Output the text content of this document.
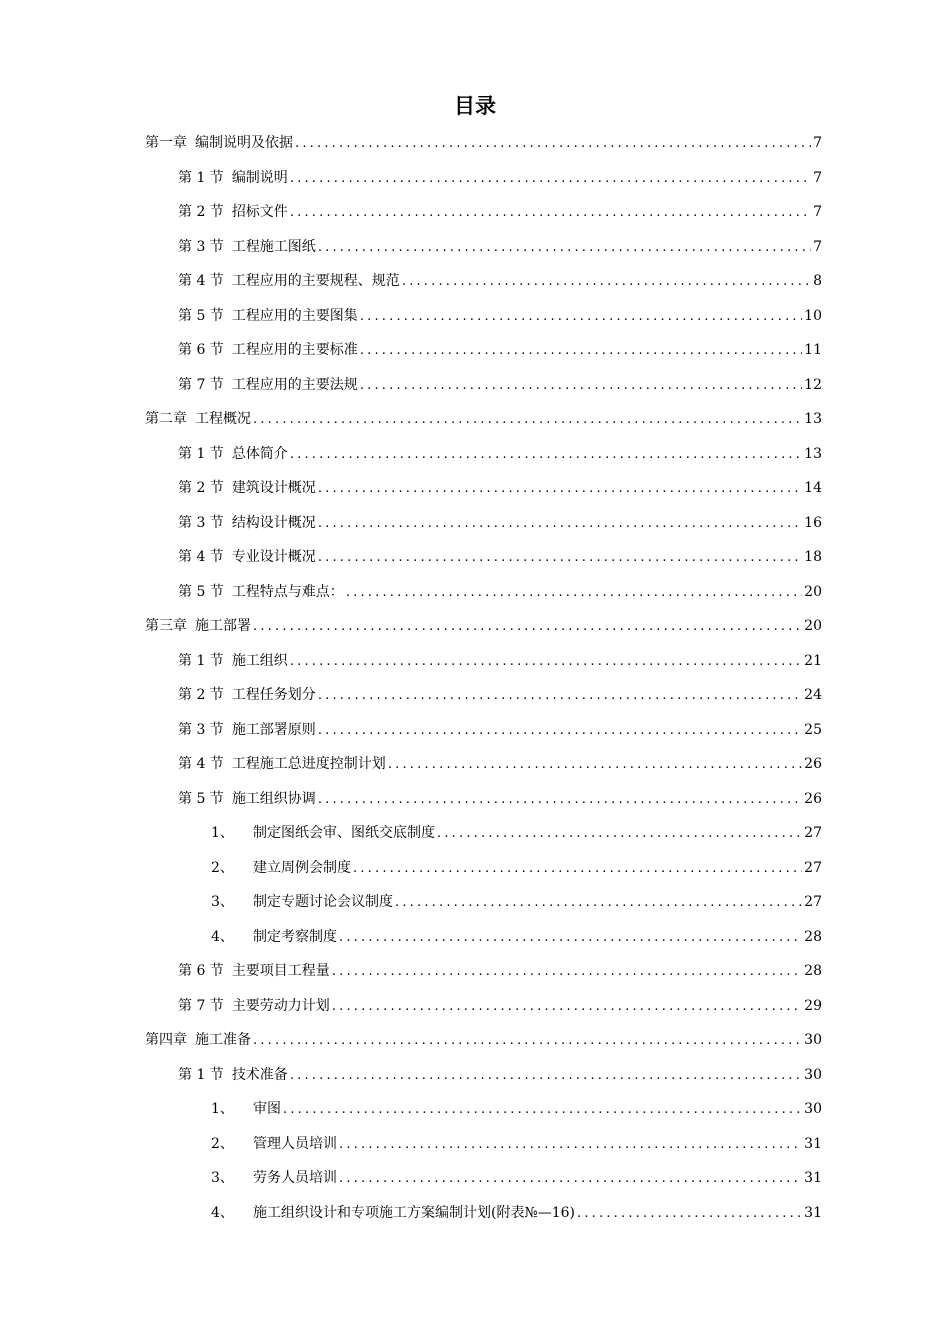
目录
第一章 编制说明及依据 .....	7
第 1 节 编制说明 .....	7
第 2 节 招标文件 .....	7
第 3 节 工程施工图纸 .....	7
第 4 节 工程应用的主要规程、规范 .....	8
第 5 节 工程应用的主要图集 .....	10
第 6 节 工程应用的主要标准 .....	11
第 7 节 工程应用的主要法规 .....	12
第二章 工程概况 .....	13
第 1 节 总体简介 .....	13
第 2 节 建筑设计概况 .....	14
第 3 节 结构设计概况 .....	16
第 4 节 专业设计概况 .....	18
第 5 节 工程特点与难点： .....	20
第三章 施工部署 .....	20
第 1 节 施工组织 .....	21
第 2 节 工程任务划分 .....	24
第 3 节 施工部署原则 .....	25
第 4 节 工程施工总进度控制计划 .....	26
第 5 节 施工组织协调 .....	26
1、 制定图纸会审、图纸交底制度 .....	27
2、 建立周例会制度 .....	27
3、 制定专题讨论会议制度 .....	27
4、 制定考察制度 .....	28
第 6 节 主要项目工程量 .....	28
第 7 节 主要劳动力计划 .....	29
第四章 施工准备 .....	30
第 1 节 技术准备 .....	30
1、 审图 .....	30
2、 管理人员培训 .....	31
3、 劳务人员培训 .....	31
4、 施工组织设计和专项施工方案编制计划(附表№—16) .....	31
